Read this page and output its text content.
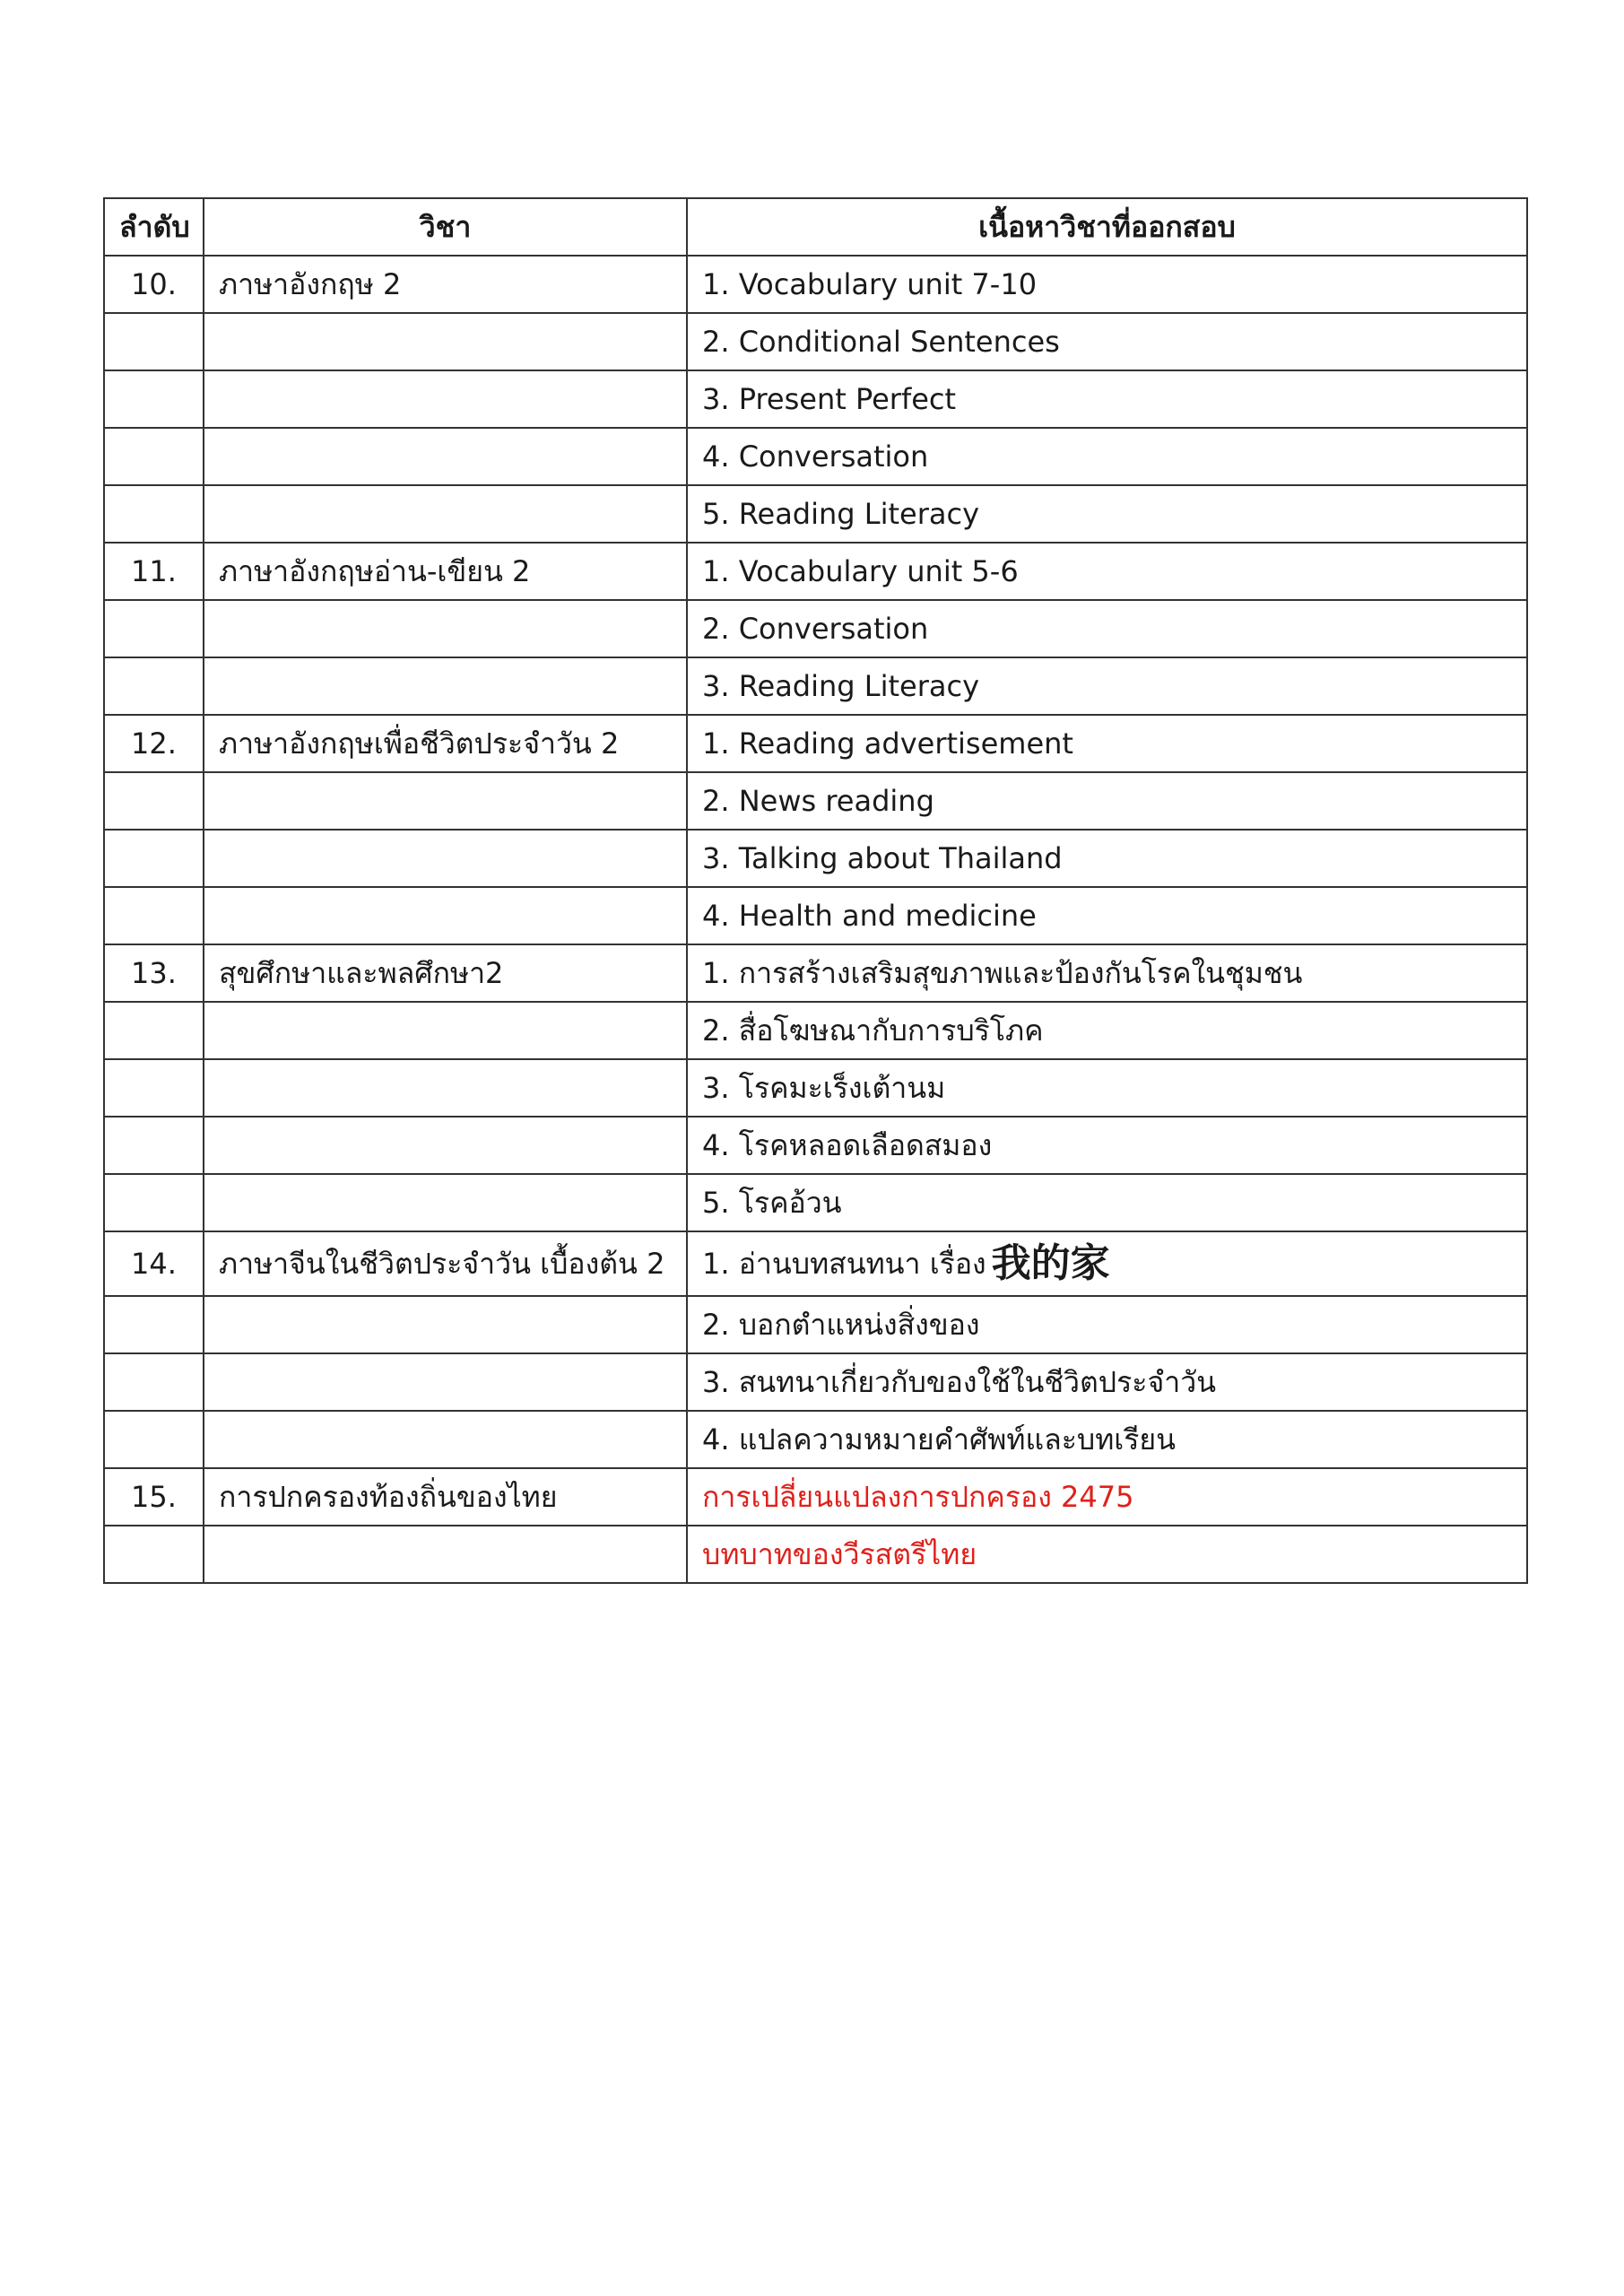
ลำดับ	วิชา	เนื้อหาวิชาที่ออกสอบ
10.	ภาษาอังกฤษ 2	1. Vocabulary unit 7-10
		2. Conditional Sentences
		3. Present Perfect
		4. Conversation
		5. Reading Literacy
11.	ภาษาอังกฤษอ่าน-เขียน 2	1. Vocabulary unit 5-6
		2. Conversation
		3. Reading Literacy
12.	ภาษาอังกฤษเพื่อชีวิตประจำวัน 2	1. Reading advertisement
		2. News reading
		3. Talking about Thailand
		4. Health and medicine
13.	สุขศึกษาและพลศึกษา2	1. การสร้างเสริมสุขภาพและป้องกันโรคในชุมชน
		2. สื่อโฆษณากับการบริโภค
		3. โรคมะเร็งเต้านม
		4. โรคหลอดเลือดสมอง
		5. โรคอ้วน
14.	ภาษาจีนในชีวิตประจำวัน เบื้องต้น 2	1. อ่านบทสนทนา เรื่อง 我的家
		2. บอกตำแหน่งสิ่งของ
		3. สนทนาเกี่ยวกับของใช้ในชีวิตประจำวัน
		4. แปลความหมายคำศัพท์และบทเรียน
15.	การปกครองท้องถิ่นของไทย	การเปลี่ยนแปลงการปกครอง 2475
		บทบาทของวีรสตรีไทย
